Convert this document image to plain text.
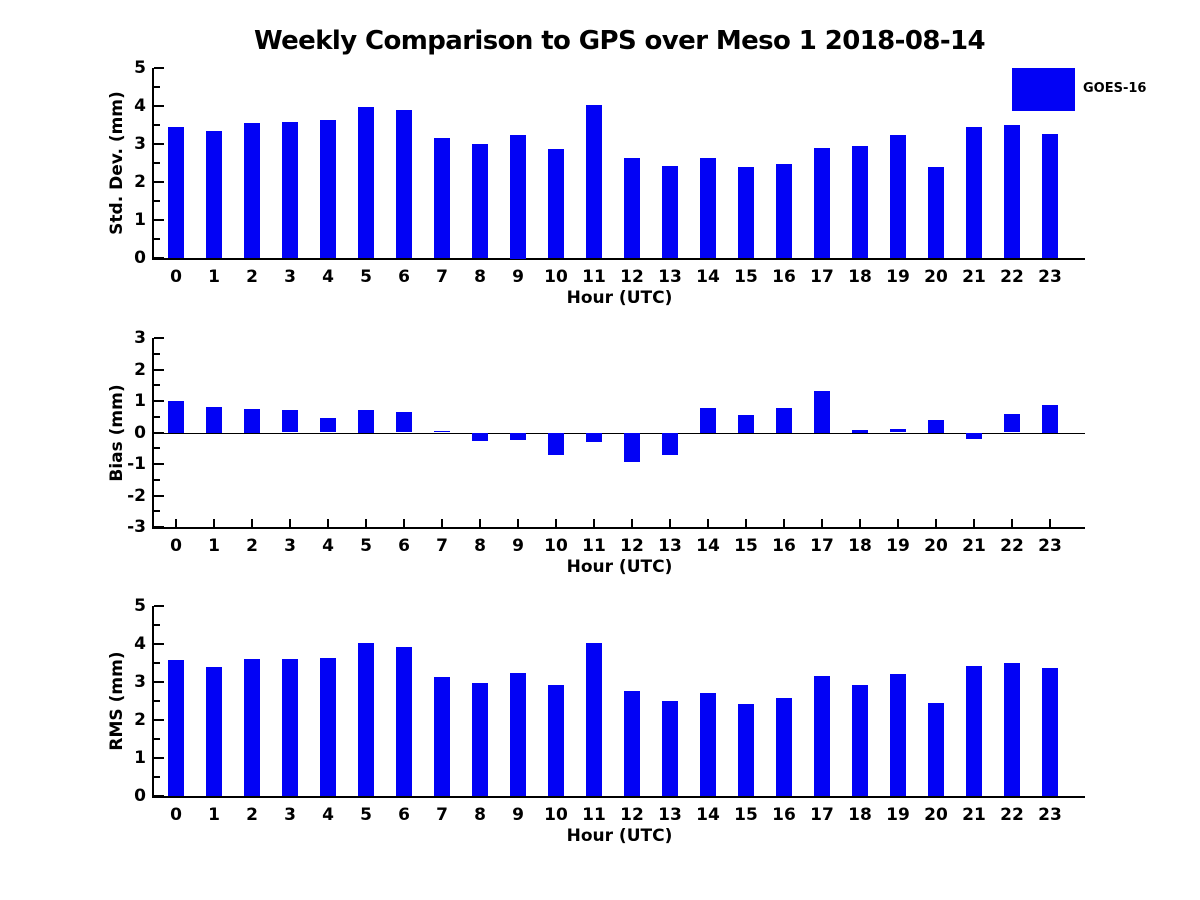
Weekly Comparison to GPS over Meso 1 2018-08-14
GOES-16
0
1
2
3
4
5
0	1	2	3	4	5	6	7	8	9	10 11 12 13 14 15 16 17 18 19 20 21 22 23
-3
-2
-1
0
1
2
3
0	1	2	3	4	5	6	7	8	9	10 11 12 13 14 15 16 17 18 19 20 21 22 23
0
1
2
3
4
5
0	1	2	3	4	5	6	7	8	9	10 11 12 13 14 15 16 17 18 19 20 21 22 23
Std. Dev. (mm)
Bias (mm)
RMS (mm)
Hour (UTC)
Hour (UTC)
Hour (UTC)
